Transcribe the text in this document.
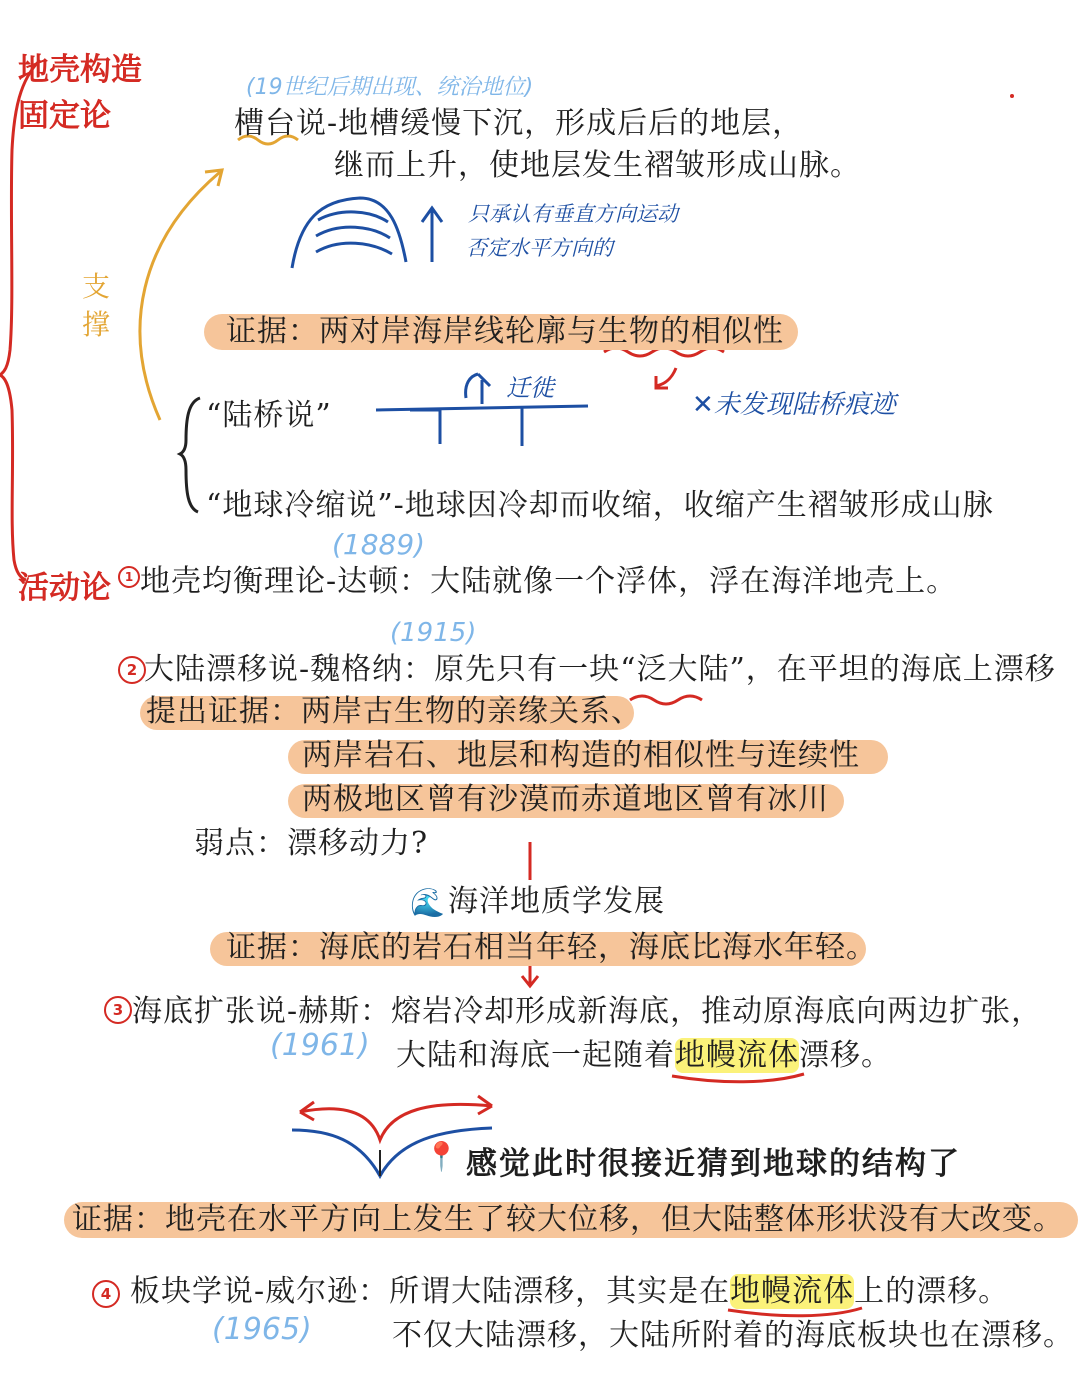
地壳构造
固定论
活动论
(19世纪后期出现、统治地位)
槽台说-地槽缓慢下沉，形成后后的地层，
继而上升，使地层发生褶皱形成山脉。
只承认有垂直方向运动
否定水平方向的
支撑	证据：两对岸海岸线轮廓与生物的相似性
“陆桥说”
迁徙
✕未发现陆桥痕迹
“地球冷缩说”-地球因冷却而收缩，收缩产生褶皱形成山脉
(1889)
1 地壳均衡理论-达顿：大陆就像一个浮体，浮在海洋地壳上。
(1915)
2 大陆漂移说-魏格纳：原先只有一块“泛大陆”，在平坦的海底上漂移
提出证据：两岸古生物的亲缘关系、
两岸岩石、地层和构造的相似性与连续性
两极地区曾有沙漠而赤道地区曾有冰川
弱点：漂移动力?
🌊 海洋地质学发展
证据：海底的岩石相当年轻，海底比海水年轻。
3 海底扩张说-赫斯：熔岩冷却形成新海底，推动原海底向两边扩张，
(1961) 大陆和海底一起随着地幔流体漂移。
📍 感觉此时很接近猜到地球的结构了
证据：地壳在水平方向上发生了较大位移，但大陆整体形状没有大改变。
4 板块学说-威尔逊：所谓大陆漂移，其实是在地幔流体上的漂移。
(1965)	不仅大陆漂移，大陆所附着的海底板块也在漂移。
